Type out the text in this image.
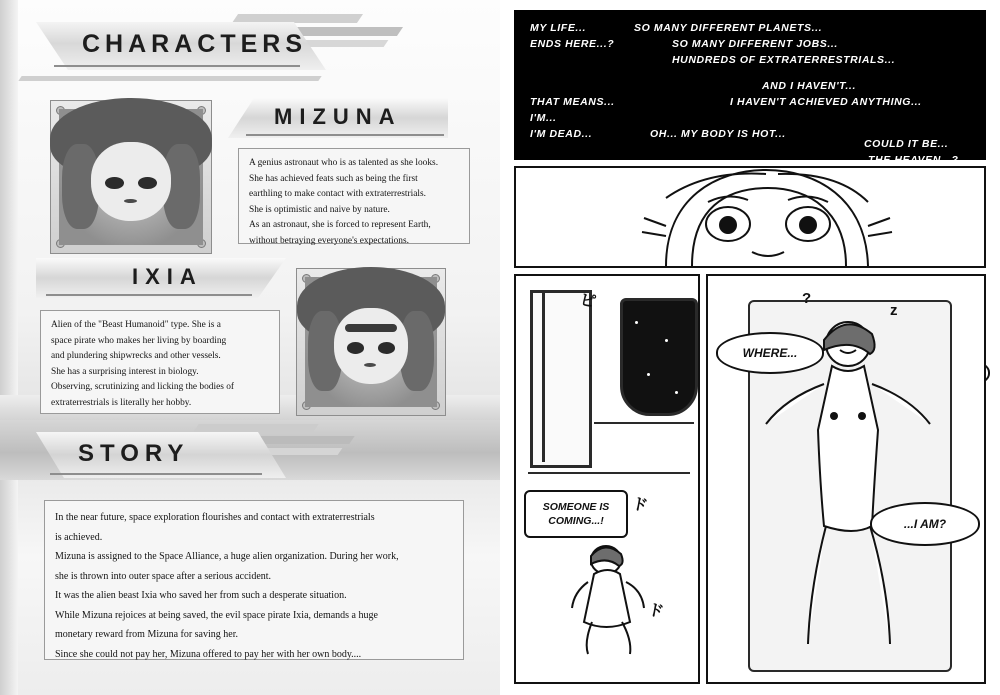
CHARACTERS
MIZUNA

A genius astronaut who is as talented as she looks.

She has achieved feats such as being the first

earthling to make contact with extraterrestrials.

She is optimistic and naive by nature.

As an astronaut, she is forced to represent Earth,

without betraying everyone's expectations.

IXIA

Alien of the "Beast Humanoid" type. She is a

space pirate who makes her living by boarding

and plundering shipwrecks and other vessels.

She has a surprising interest in biology.

Observing, scrutinizing and licking the bodies of

extraterrestrials is literally her hobby.

STORY

In the near future, space exploration flourishes and contact with extraterrestrials

is achieved.

Mizuna is assigned to the Space Alliance, a huge alien organization. During her work,

she is thrown into outer space after a serious accident.

It was the alien beast Ixia who saved her from such a desperate situation.

While Mizuna rejoices at being saved, the evil space pirate Ixia, demands a huge

monetary reward from Mizuna for saving her.

Since she could not pay her, Mizuna offered to pay her with her own body....

MY LIFE...	SO MANY DIFFERENT PLANETS...
ENDS HERE...?	SO MANY DIFFERENT JOBS...
HUNDREDS OF EXTRATERRESTRIALS...
AND I HAVEN'T...
THAT MEANS...	I HAVEN'T ACHIEVED ANYTHING...
I'M...
I'M DEAD...	OH... MY BODY IS HOT...
COULD IT BE...
THE HEAVEN...?
ピ
ド
ド
SOMEONE IS COMING...!
?
z
WHERE...
...I AM?
